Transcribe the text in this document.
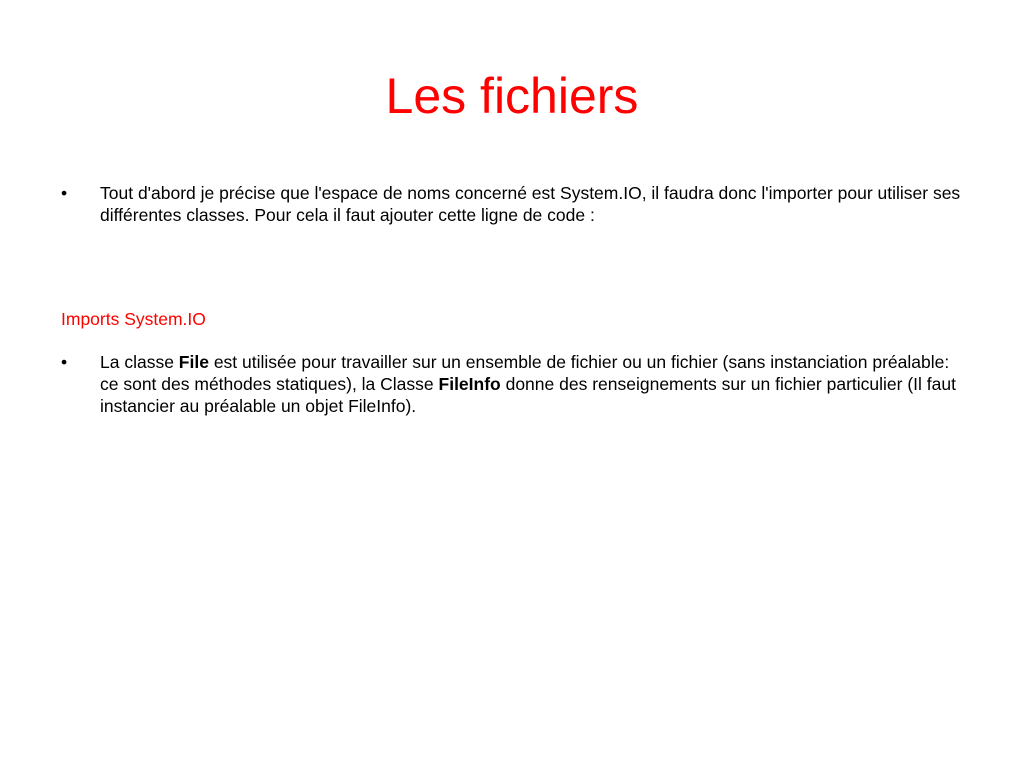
Les fichiers
•	Tout d'abord je précise que l'espace de noms concerné est System.IO, il faudra donc l'importer pour utiliser ses différentes classes. Pour cela il faut ajouter cette ligne de code :
Imports System.IO
•	La classe File est utilisée pour travailler sur un ensemble de fichier ou un fichier (sans instanciation préalable: ce sont des méthodes statiques), la Classe FileInfo donne des renseignements sur un fichier particulier (Il faut instancier au préalable un objet FileInfo).
